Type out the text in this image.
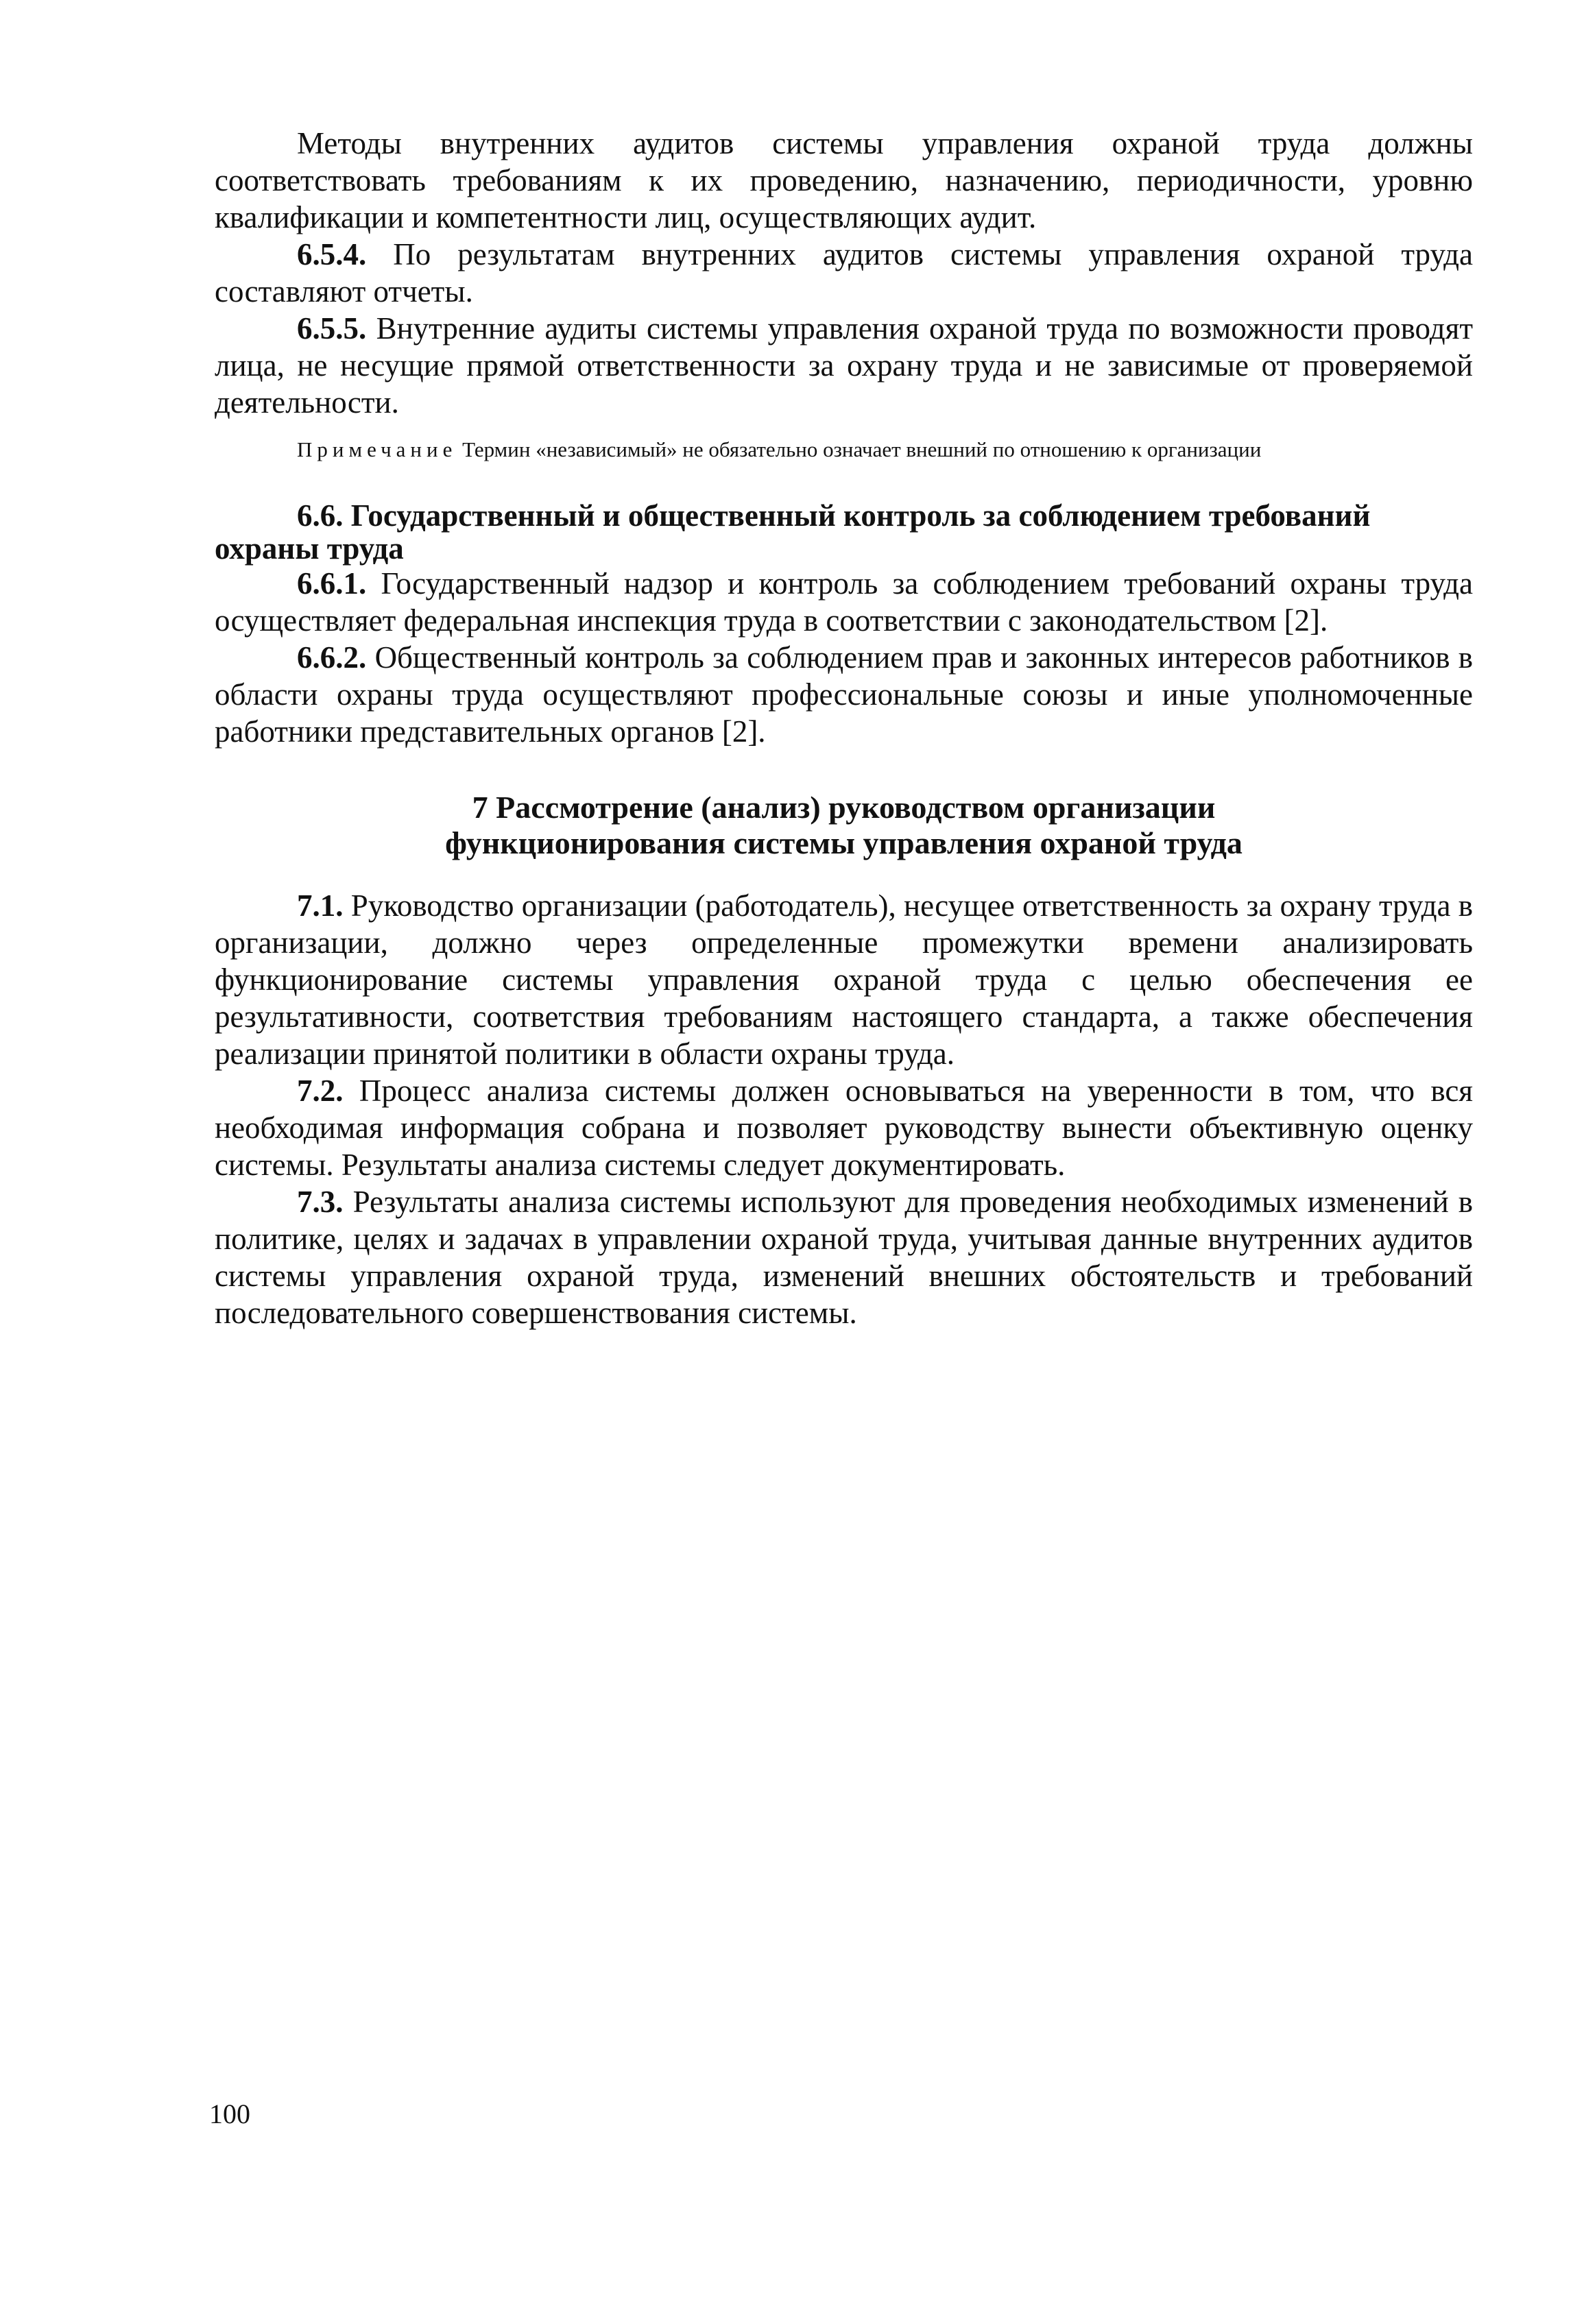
Методы внутренних аудитов системы управления охраной труда должны соответствовать требованиям к их проведению, назначению, периодичности, уровню квалификации и компетентности лиц, осуществляющих аудит.

6.5.4. По результатам внутренних аудитов системы управления охраной труда составляют отчеты.

6.5.5. Внутренние аудиты системы управления охраной труда по возможности проводят лица, не несущие прямой ответственности за охрану труда и не зависимые от проверяемой деятельности.

Примечание Термин «независимый» не обязательно означает внешний по отношению к организации

6.6. Государственный и общественный контроль за соблюдением требований охраны труда

6.6.1. Государственный надзор и контроль за соблюдением требований охраны труда осуществляет федеральная инспекция труда в соответствии с законодательством [2].

6.6.2. Общественный контроль за соблюдением прав и законных интересов работников в области охраны труда осуществляют профессиональные союзы и иные уполномоченные работники представительных органов [2].

7 Рассмотрение (анализ) руководством организации
функционирования системы управления охраной труда

7.1. Руководство организации (работодатель), несущее ответственность за охрану труда в организации, должно через определенные промежутки времени анализировать функционирование системы управления охраной труда с целью обеспечения ее результативности, соответствия требованиям настоящего стандарта, а также обеспечения реализации принятой политики в области охраны труда.

7.2. Процесс анализа системы должен основываться на уверенности в том, что вся необходимая информация собрана и позволяет руководству вынести объективную оценку системы. Результаты анализа системы следует документировать.

7.3. Результаты анализа системы используют для проведения необходимых изменений в политике, целях и задачах в управлении охраной труда, учитывая данные внутренних аудитов системы управления охраной труда, изменений внешних обстоятельств и требований последовательного совершенствования системы.

100
